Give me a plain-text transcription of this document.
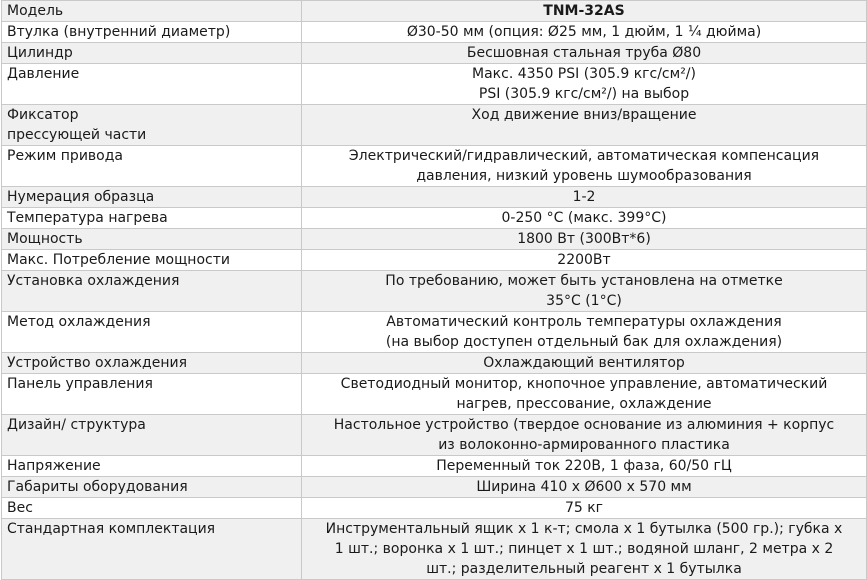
Модель	TNM-32AS

Втулка (внутренний диаметр)	Ø30-50 мм (опция: Ø25 мм, 1 дюйм, 1 ¼ дюйма)

Цилиндр	Бесшовная стальная труба Ø80

Давление	Макс. 4350 PSI (305.9 кгс/см²/)
PSI (305.9 кгс/см²/) на выбор

Фиксатор
прессующей части	Ход движение вниз/вращение

Режим привода	Электрический/гидравлический, автоматическая компенсация
давления, низкий уровень шумообразования

Нумерация образца	1-2

Температура нагрева	0-250 °C (макс. 399°C)

Мощность	1800 Вт (300Вт*6)

Макс. Потребление мощности	2200Вт

Установка охлаждения	По требованию, может быть установлена на отметке
35°C (1°C)

Метод охлаждения	Автоматический контроль температуры охлаждения
(на выбор доступен отдельный бак для охлаждения)

Устройство охлаждения	Охлаждающий вентилятор

Панель управления	Светодиодный монитор, кнопочное управление, автоматический
нагрев, прессование, охлаждение

Дизайн/ структура	Настольное устройство (твердое основание из алюминия + корпус
из волоконно-армированного пластика

Напряжение	Переменный ток 220В, 1 фаза, 60/50 гЦ

Габариты оборудования	Ширина 410 х Ø600 х 570 мм

Вес	75 кг

Стандартная комплектация	Инструментальный ящик х 1 к-т; смола х 1 бутылка (500 гр.); губка х
1 шт.; воронка х 1 шт.; пинцет х 1 шт.; водяной шланг, 2 метра х 2
шт.; разделительный реагент х 1 бутылка
